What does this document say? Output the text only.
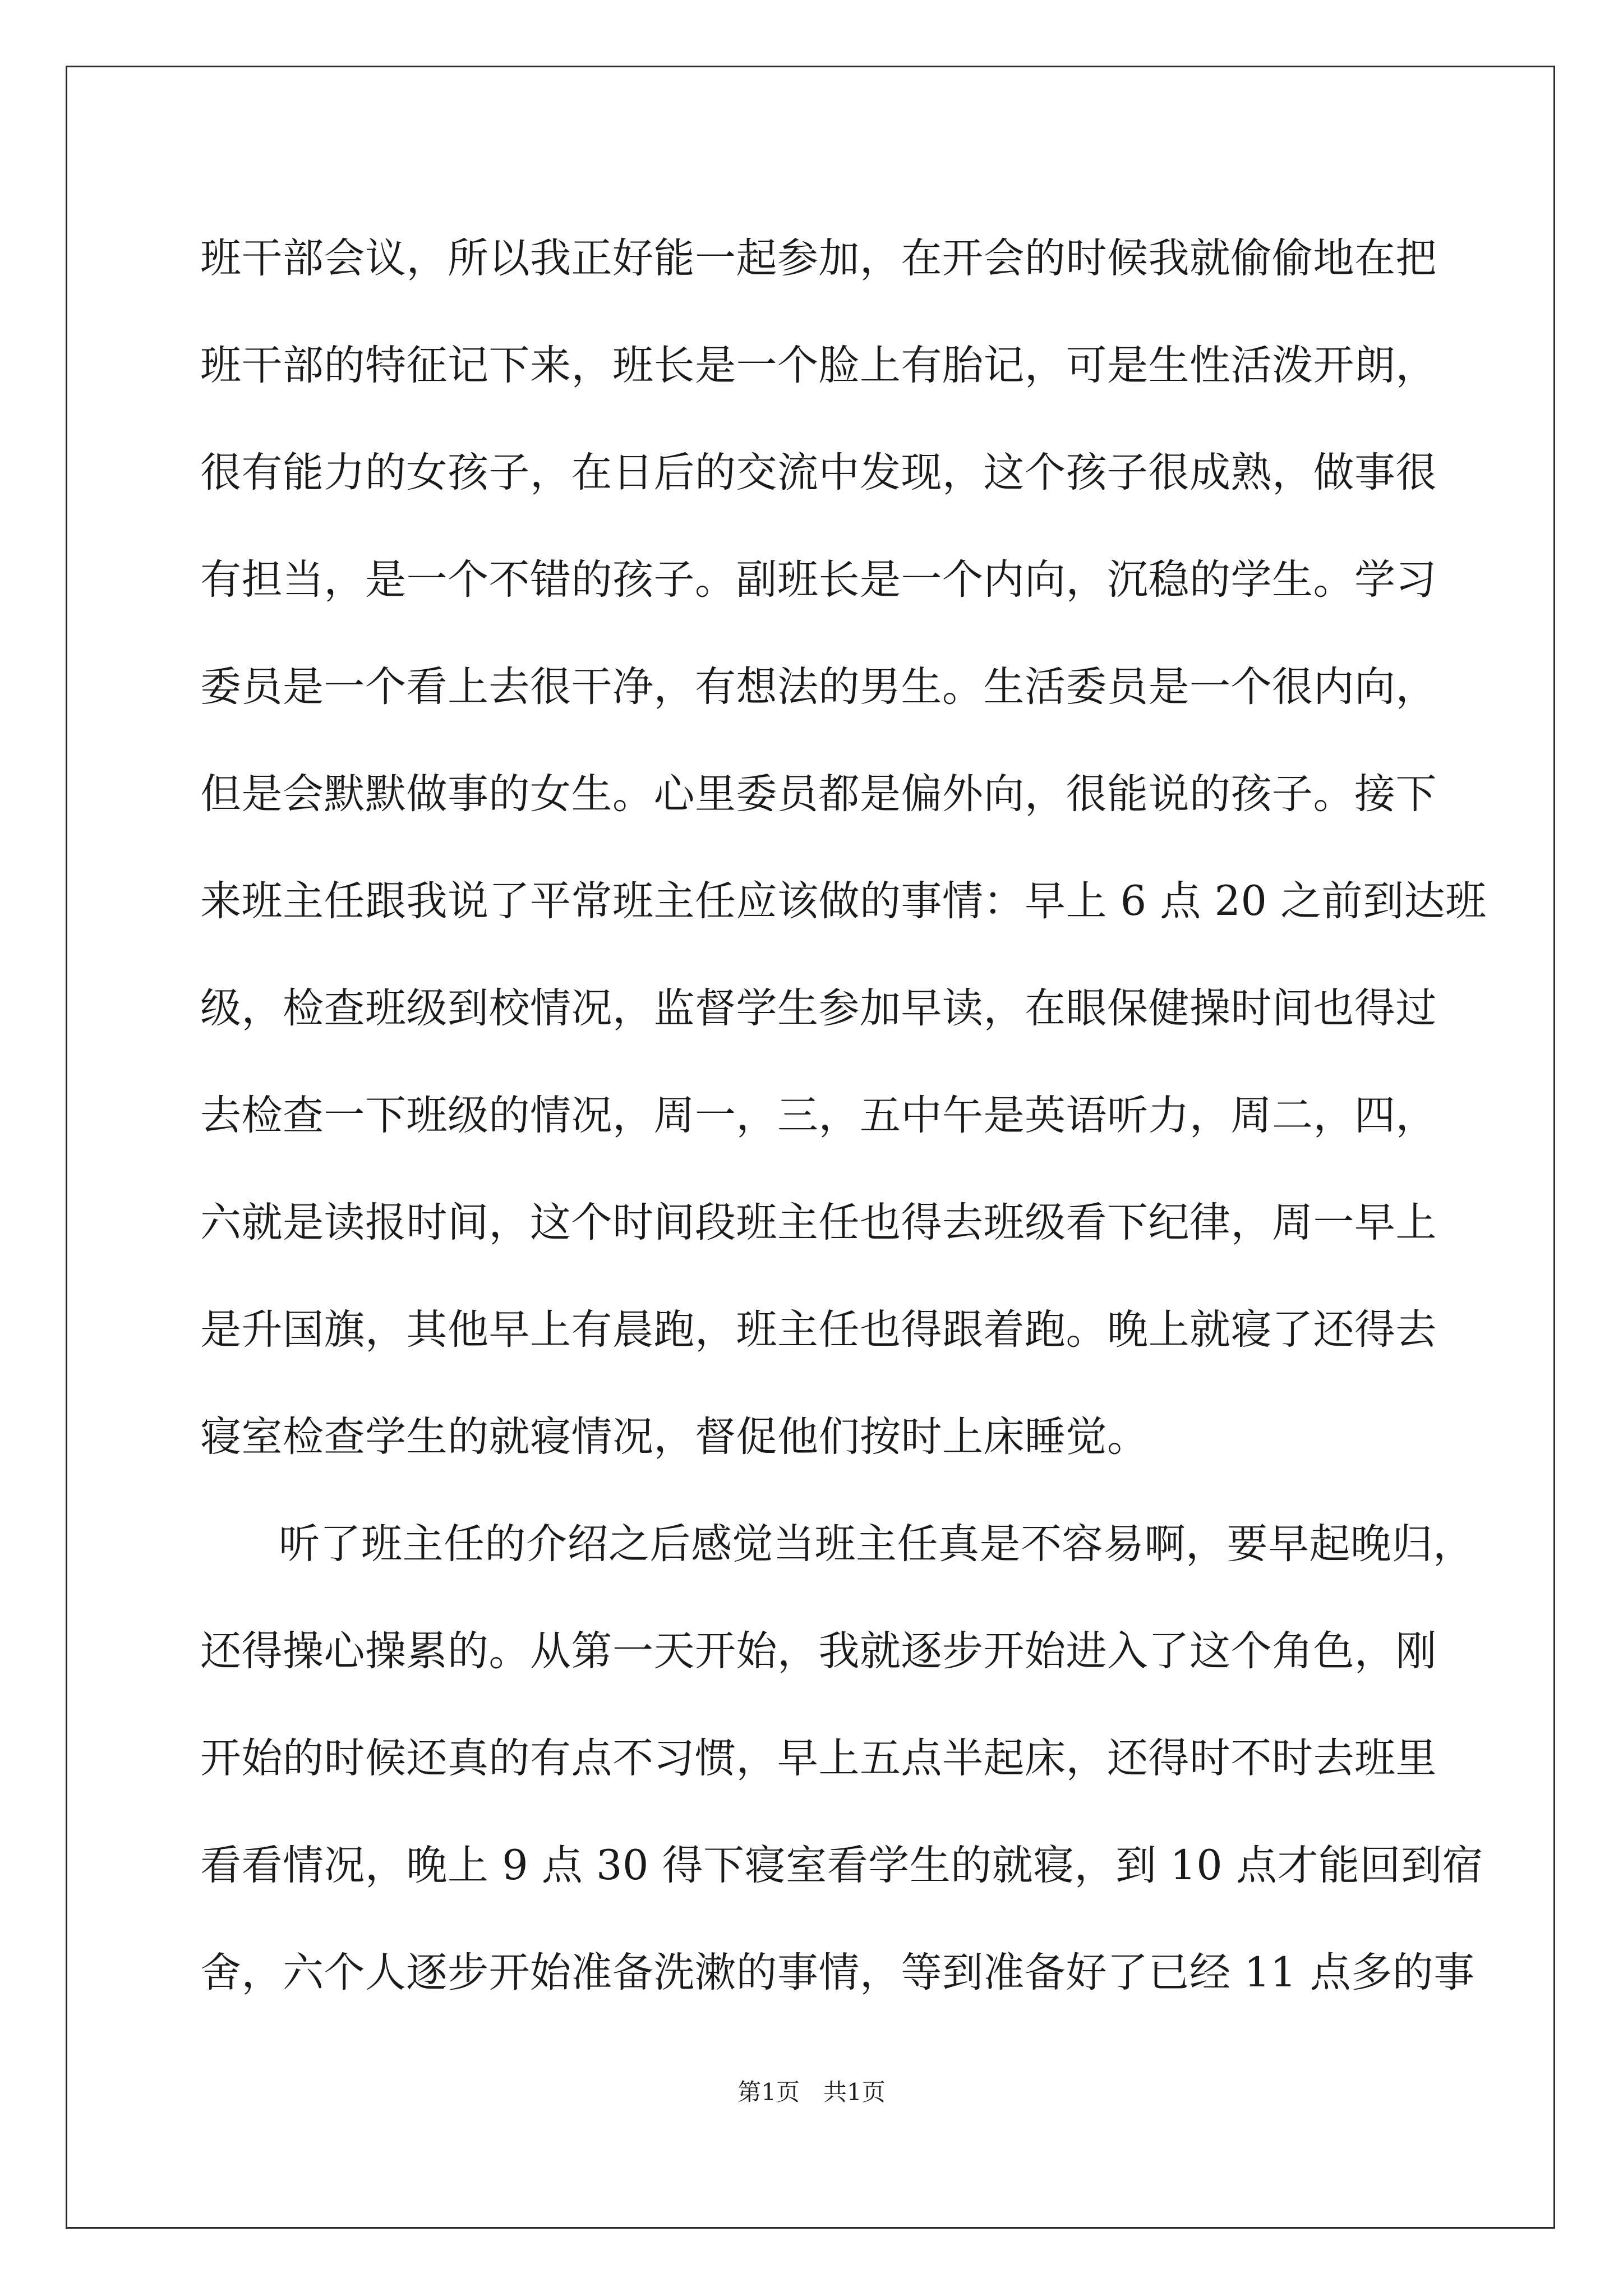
班干部会议，所以我正好能一起参加，在开会的时候我就偷偷地在把
班干部的特征记下来，班长是一个脸上有胎记，可是生性活泼开朗，
很有能力的女孩子，在日后的交流中发现，这个孩子很成熟，做事很
有担当，是一个不错的孩子。副班长是一个内向，沉稳的学生。学习
委员是一个看上去很干净，有想法的男生。生活委员是一个很内向，
但是会默默做事的女生。心里委员都是偏外向，很能说的孩子。接下
来班主任跟我说了平常班主任应该做的事情：早上 6 点 20 之前到达班
级，检查班级到校情况，监督学生参加早读，在眼保健操时间也得过
去检查一下班级的情况，周一，三，五中午是英语听力，周二，四，
六就是读报时间，这个时间段班主任也得去班级看下纪律，周一早上
是升国旗，其他早上有晨跑，班主任也得跟着跑。晚上就寝了还得去
寝室检查学生的就寝情况，督促他们按时上床睡觉。
听了班主任的介绍之后感觉当班主任真是不容易啊，要早起晚归，
还得操心操累的。从第一天开始，我就逐步开始进入了这个角色，刚
开始的时候还真的有点不习惯，早上五点半起床，还得时不时去班里
看看情况，晚上 9 点 30 得下寝室看学生的就寝，到 10 点才能回到宿
舍，六个人逐步开始准备洗漱的事情，等到准备好了已经 11 点多的事
第1页　共1页
